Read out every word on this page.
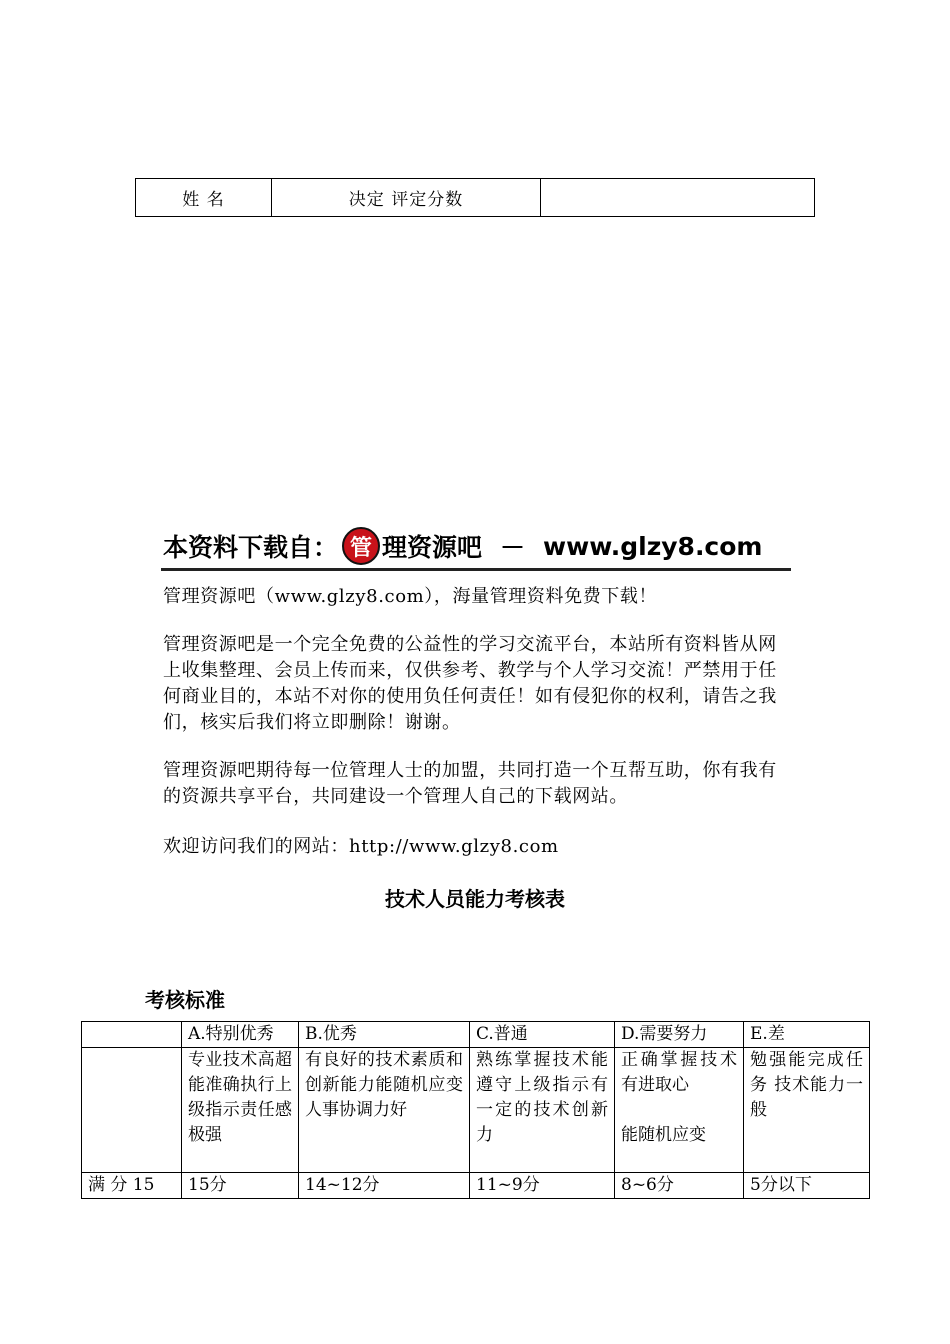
姓 名	决定 评定分数	
本资料下载自： 管 理资源吧 － www.glzy8.com
管理资源吧（www.glzy8.com），海量管理资料免费下载！
管理资源吧是一个完全免费的公益性的学习交流平台，本站所有资料皆从网上收集整理、会员上传而来，仅供参考、教学与个人学习交流！严禁用于任何商业目的，本站不对你的使用负任何责任！如有侵犯你的权利，请告之我们，核实后我们将立即删除！谢谢。
管理资源吧期待每一位管理人士的加盟，共同打造一个互帮互助，你有我有的资源共享平台，共同建设一个管理人自己的下载网站。
欢迎访问我们的网站：http://www.glzy8.com
技术人员能力考核表
考核标准
	A.特别优秀	B.优秀	C.普通	D.需要努力	E.差
	专业技术高超 能准确执行上级指示责任感极强	有良好的技术素质和创新能力能随机应变人事协调力好	熟练掌握技术能遵守上级指示有一定的技术创新力	正确掌握技术 有进取心
能随机应变	勉强能完成任务 技术能力一般
满 分 15	15分	14~12分	11~9分	8~6分	5分以下
